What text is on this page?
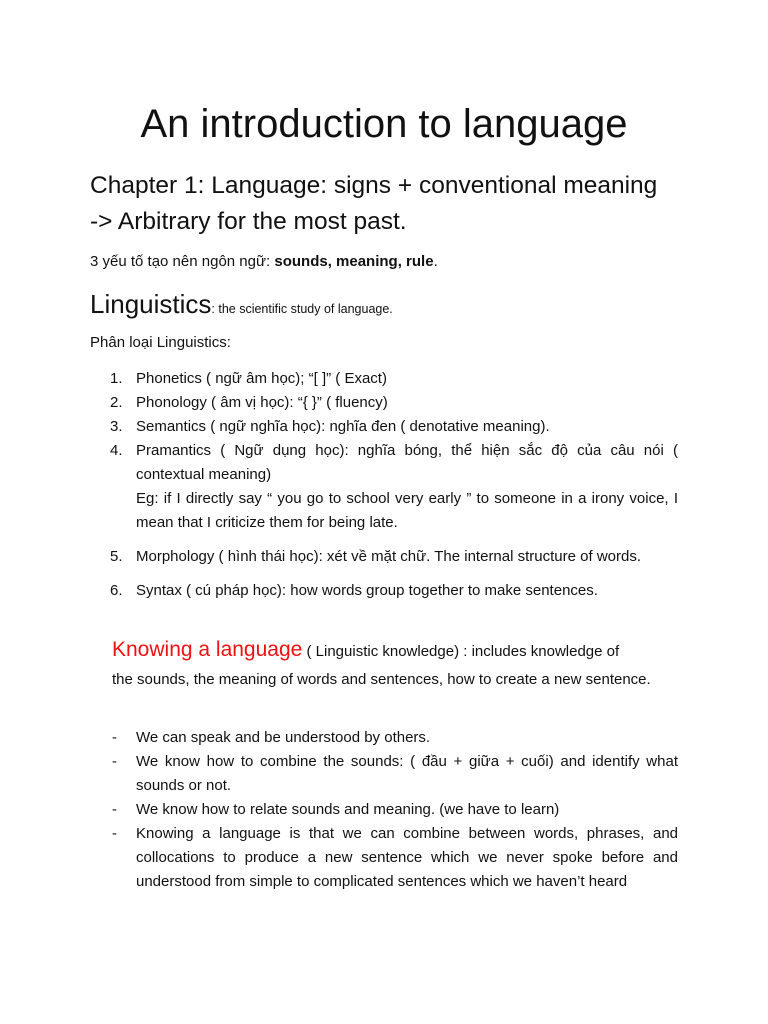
An introduction to language
Chapter 1: Language: signs + conventional meaning
-> Arbitrary for the most past.

3 yếu tố tạo nên ngôn ngữ: sounds, meaning, rule.

Linguistics: the scientific study of language.

Phân loại Linguistics:

1. Phonetics ( ngữ âm học); “[ ]” ( Exact)
2. Phonology ( âm vị học): “{ }” ( fluency)
3. Semantics ( ngữ nghĩa học): nghĩa đen ( denotative meaning).
4. Pramantics ( Ngữ dụng học): nghĩa bóng, thể hiện sắc độ của câu nói ( contextual meaning)
Eg: if I directly say “ you go to school very early ” to someone in a irony voice, I mean that I criticize them for being late.
5. Morphology ( hình thái học): xét về mặt chữ. The internal structure of words.
6. Syntax ( cú pháp học): how words group together to make sentences.

Knowing a language ( Linguistic knowledge) : includes knowledge of

the sounds, the meaning of words and sentences, how to create a new sentence.

- We can speak and be understood by others.
- We know how to combine the sounds: ( đầu + giữa + cuối) and identify what sounds or not.
- We know how to relate sounds and meaning. (we have to learn)
- Knowing a language is that we can combine between words, phrases, and collocations to produce a new sentence which we never spoke before and understood from simple to complicated sentences which we haven’t heard
